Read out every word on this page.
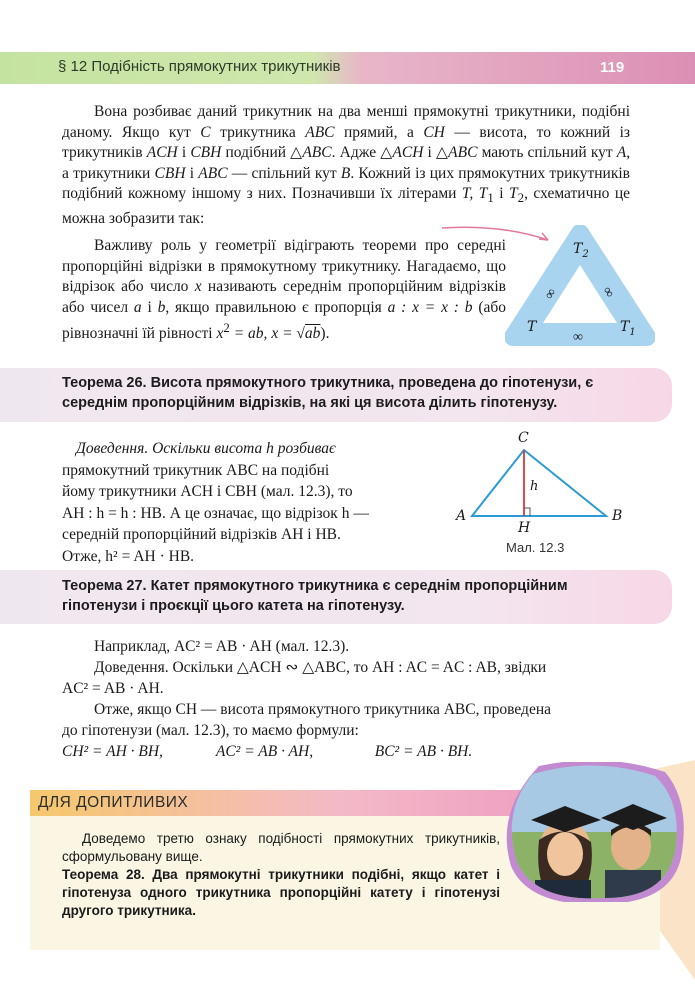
§ 12 Подібність прямокутних трикутників	119

Вона розбиває даний трикутник на два менші прямокутні трикутники, подібні даному. Якщо кут C трикутника ABC прямий, а CH — висота, то кожний із трикутників ACH і CBH подібний △ABC. Адже △ACH і △ABC мають спільний кут A, а трикутники CBH і ABC — спільний кут B. Кожний із цих прямокутних трикутників подібний кожному іншому з них. Позначивши їх літерами T, $T_1$ і $T_2$, схематично це можна зобразити так:

Важливу роль у геометрії відіграють теореми про середні пропорційні відрізки в прямокутному трикутнику. Нагадаємо, що відрізок або число x називають середнім пропорційним відрізків або чисел a і b, якщо правильною є пропорція a : x = x : b (або рівнозначні їй рівності $x^2$ = ab, x = √ab).

$T_2$
T	$T_1$
∞	∞
∞
Теорема 26. Висота прямокутного трикутника, проведена до гіпотенузи, є середнім пропорційним відрізків, на які ця висота ділить гіпотенузу.

Доведення. Оскільки висота h розбиває

прямокутний трикутник ABC на подібні

йому трикутники ACH і CBH (мал. 12.3), то

AH : h = h : HB. А це означає, що відрізок h —

середній пропорційний відрізків AH і HB.

Отже, h² = AH · HB.

C
A	B
H
h
Мал. 12.3
Теорема 27. Катет прямокутного трикутника є середнім пропорційним гіпотенузи і проєкції цього катета на гіпотенузу.

Наприклад, AC² = AB · AH (мал. 12.3).

Доведення. Оскільки △ACH ∾ △ABC, то AH : AC = AC : AB, звідки

AC² = AB · AH.

Отже, якщо CH — висота прямокутного трикутника ABC, проведена

до гіпотенузи (мал. 12.3), то маємо формули:

CH² = AH · BH,	AC² = AB · AH,	BC² = AB · BH.

ДЛЯ ДОПИТЛИВИХ

Доведемо третю ознаку подібності прямокутних трикутників, сформульовану вище.

Теорема 28. Два прямокутні трикутники подібні, якщо катет і гіпотенуза одного трикутника пропорційні катету і гіпотенузі другого трикутника.
